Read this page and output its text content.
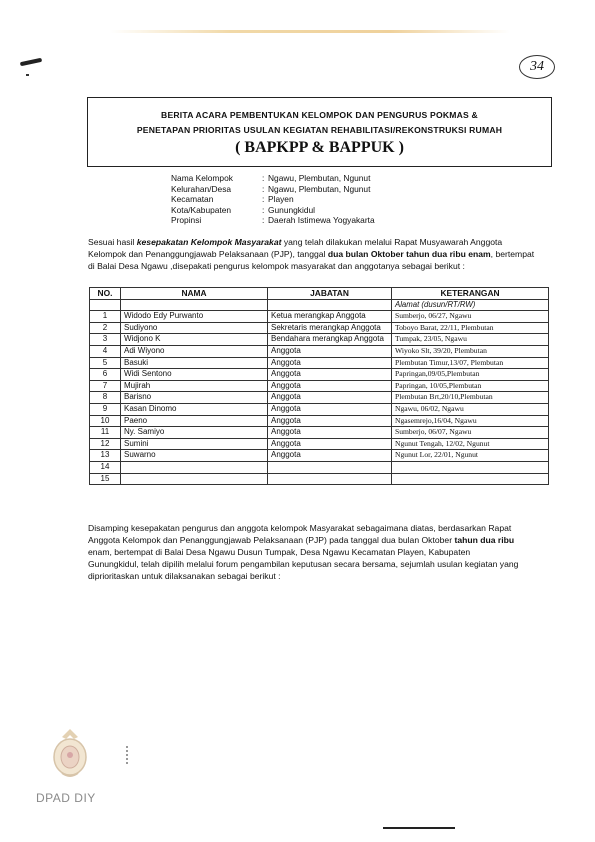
34
BERITA ACARA PEMBENTUKAN KELOMPOK DAN PENGURUS POKMAS &
PENETAPAN PRIORITAS USULAN KEGIATAN REHABILITASI/REKONSTRUKSI RUMAH
( BAPKPP & BAPPUK )
Nama Kelompok	: Ngawu, Plembutan, Ngunut
Kelurahan/Desa	: Ngawu, Plembutan, Ngunut
Kecamatan	: Playen
Kota/Kabupaten	: Gunungkidul
Propinsi	: Daerah Istimewa Yogyakarta
Sesuai hasil kesepakatan Kelompok Masyarakat yang telah dilakukan melalui Rapat Musyawarah Anggota
Kelompok dan Penanggungjawab Pelaksanaan (PJP), tanggal dua bulan Oktober tahun dua ribu enam, bertempat
di Balai Desa Ngawu ,disepakati pengurus kelompok masyarakat dan anggotanya sebagai berikut :
NO.	NAMA	JABATAN	KETERANGAN
			Alamat (dusun/RT/RW)
1	Widodo Edy Purwanto	Ketua merangkap Anggota	Sumberjo, 06/27, Ngawu
2	Sudiyono	Sekretaris merangkap Anggota	Toboyo Barat, 22/11, Plembutan
3	Widjono K	Bendahara merangkap Anggota	Tumpak, 23/05, Ngawu
4	Adi Wiyono	Anggota	Wiyoko Slt, 39/20, Plembutan
5	Basuki	Anggota	Plembutan Timur,13/07, Plembutan
6	Widi Sentono	Anggota	Papringan,09/05,Plembutan
7	Mujirah	Anggota	Papringan, 10/05,Plembutan
8	Barisno	Anggota	Plembutan Brt,20/10,Plembutan
9	Kasan Dinomo	Anggota	Ngawu, 06/02, Ngawu
10	Paeno	Anggota	Ngasemrejo,16/04, Ngawu
11	Ny. Samiyo	Anggota	Sumberjo, 06/07, Ngawu
12	Sumini	Anggota	Ngunut Tengah, 12/02, Ngunut
13	Suwarno	Anggota	Ngunut Lor, 22/01, Ngunut
14			
15			
Disamping kesepakatan pengurus dan anggota kelompok Masyarakat sebagaimana diatas, berdasarkan Rapat
Anggota Kelompok dan Penanggungjawab Pelaksanaan (PJP) pada tanggal dua bulan Oktober tahun dua ribu
enam, bertempat di Balai Desa Ngawu Dusun Tumpak, Desa Ngawu Kecamatan Playen, Kabupaten
Gunungkidul, telah dipilih melalui forum pengambilan keputusan secara bersama, sejumlah usulan kegiatan yang
diprioritaskan untuk dilaksanakan sebagai berikut :
DPAD DIY
